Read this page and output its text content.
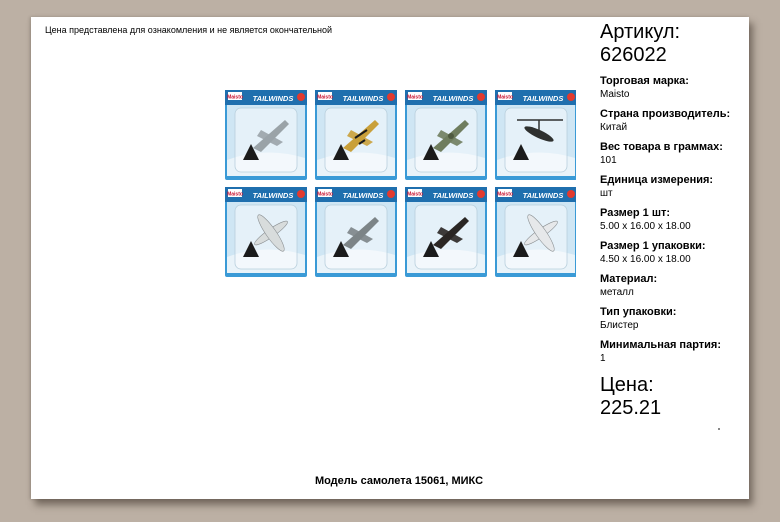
Цена представлена для ознакомления и не является окончательной
Maisto TAILWINDS	Maisto TAILWINDS	Maisto TAILWINDS	Maisto TAILWINDS
Maisto TAILWINDS	Maisto TAILWINDS	Maisto TAILWINDS	Maisto TAILWINDS
Артикул:
626022
Торговая марка:
Maisto
Страна производитель:
Китай
Вес товара в граммах:
101
Единица измерения:
шт
Размер 1 шт:
5.00 x 16.00 x 18.00
Размер 1 упаковки:
4.50 x 16.00 x 18.00
Материал:
металл
Тип упаковки:
Блистер
Минимальная партия:
1
Цена:
225.21
Модель самолета 15061, МИКС
